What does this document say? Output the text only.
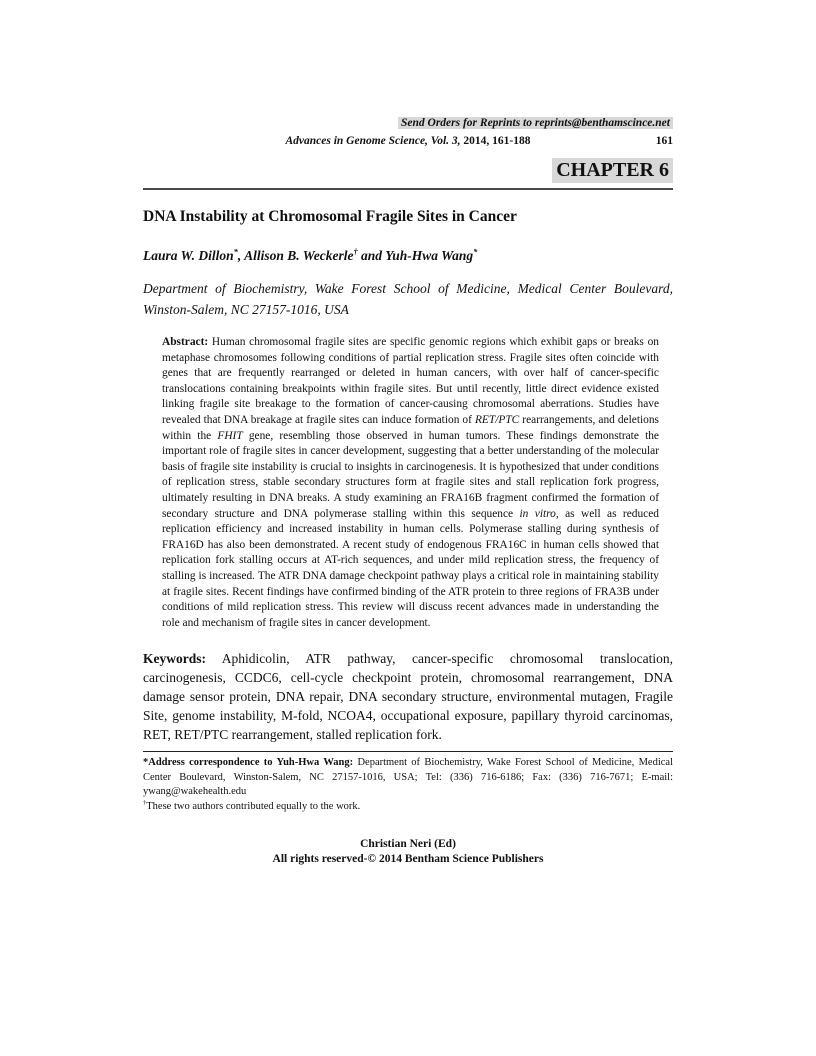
Send Orders for Reprints to reprints@benthamscince.net
Advances in Genome Science, Vol. 3, 2014, 161-188	161
CHAPTER 6
DNA Instability at Chromosomal Fragile Sites in Cancer
Laura W. Dillon*, Allison B. Weckerle† and Yuh-Hwa Wang*
Department of Biochemistry, Wake Forest School of Medicine, Medical Center Boulevard, Winston-Salem, NC 27157-1016, USA
Abstract: Human chromosomal fragile sites are specific genomic regions which exhibit gaps or breaks on metaphase chromosomes following conditions of partial replication stress. Fragile sites often coincide with genes that are frequently rearranged or deleted in human cancers, with over half of cancer-specific translocations containing breakpoints within fragile sites. But until recently, little direct evidence existed linking fragile site breakage to the formation of cancer-causing chromosomal aberrations. Studies have revealed that DNA breakage at fragile sites can induce formation of RET/PTC rearrangements, and deletions within the FHIT gene, resembling those observed in human tumors. These findings demonstrate the important role of fragile sites in cancer development, suggesting that a better understanding of the molecular basis of fragile site instability is crucial to insights in carcinogenesis. It is hypothesized that under conditions of replication stress, stable secondary structures form at fragile sites and stall replication fork progress, ultimately resulting in DNA breaks. A study examining an FRA16B fragment confirmed the formation of secondary structure and DNA polymerase stalling within this sequence in vitro, as well as reduced replication efficiency and increased instability in human cells. Polymerase stalling during synthesis of FRA16D has also been demonstrated. A recent study of endogenous FRA16C in human cells showed that replication fork stalling occurs at AT-rich sequences, and under mild replication stress, the frequency of stalling is increased. The ATR DNA damage checkpoint pathway plays a critical role in maintaining stability at fragile sites. Recent findings have confirmed binding of the ATR protein to three regions of FRA3B under conditions of mild replication stress. This review will discuss recent advances made in understanding the role and mechanism of fragile sites in cancer development.
Keywords: Aphidicolin, ATR pathway, cancer-specific chromosomal translocation, carcinogenesis, CCDC6, cell-cycle checkpoint protein, chromosomal rearrangement, DNA damage sensor protein, DNA repair, DNA secondary structure, environmental mutagen, Fragile Site, genome instability, M-fold, NCOA4, occupational exposure, papillary thyroid carcinomas, RET, RET/PTC rearrangement, stalled replication fork.
*Address correspondence to Yuh-Hwa Wang: Department of Biochemistry, Wake Forest School of Medicine, Medical Center Boulevard, Winston-Salem, NC 27157-1016, USA; Tel: (336) 716-6186; Fax: (336) 716-7671; E-mail: ywang@wakehealth.edu
†These two authors contributed equally to the work.
Christian Neri (Ed)
All rights reserved-© 2014 Bentham Science Publishers
